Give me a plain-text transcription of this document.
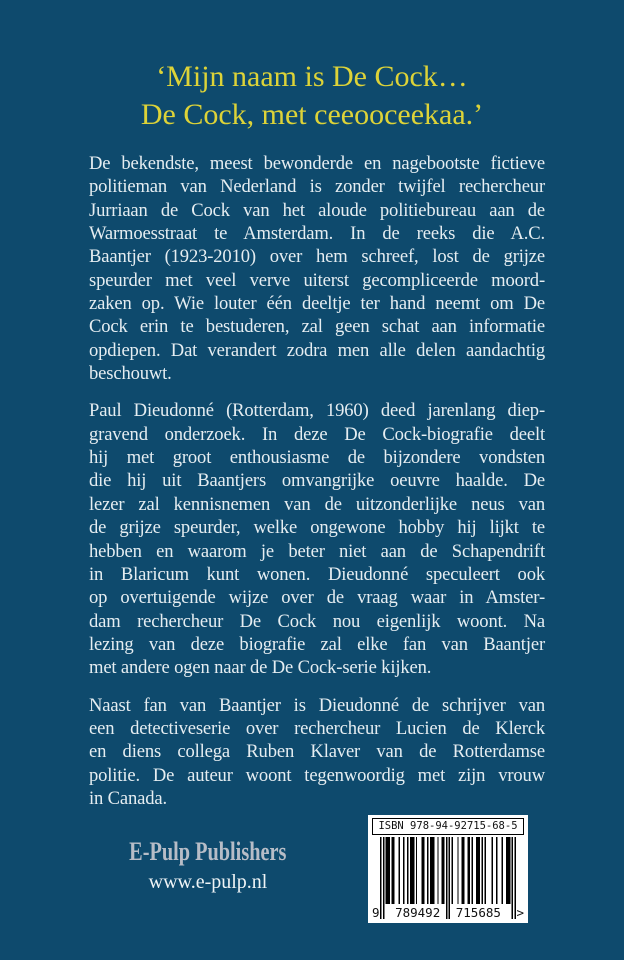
‘Mijn naam is De Cock…
De Cock, met ceeooceekaa.’
De bekendste, meest bewonderde en nagebootste fictieve
politieman van Nederland is zonder twijfel rechercheur
Jurriaan de Cock van het aloude politiebureau aan de
Warmoesstraat te Amsterdam. In de reeks die A.C.
Baantjer (1923-2010) over hem schreef, lost de grijze
speurder met veel verve uiterst gecompliceerde moord-
zaken op. Wie louter één deeltje ter hand neemt om De
Cock erin te bestuderen, zal geen schat aan informatie
opdiepen. Dat verandert zodra men alle delen aandachtig
beschouwt.
Paul Dieudonné (Rotterdam, 1960) deed jarenlang diep-
gravend onderzoek. In deze De Cock-biografie deelt
hij met groot enthousiasme de bijzondere vondsten
die hij uit Baantjers omvangrijke oeuvre haalde. De
lezer zal kennisnemen van de uitzonderlijke neus van
de grijze speurder, welke ongewone hobby hij lijkt te
hebben en waarom je beter niet aan de Schapendrift
in Blaricum kunt wonen. Dieudonné speculeert ook
op overtuigende wijze over de vraag waar in Amster-
dam rechercheur De Cock nou eigenlijk woont. Na
lezing van deze biografie zal elke fan van Baantjer
met andere ogen naar de De Cock-serie kijken.
Naast fan van Baantjer is Dieudonné de schrijver van
een detectiveserie over rechercheur Lucien de Klerck
en diens collega Ruben Klaver van de Rotterdamse
politie. De auteur woont tegenwoordig met zijn vrouw
in Canada.
E-Pulp Publishers
www.e-pulp.nl
ISBN 978-94-92715-68-5
9 789492 715685 >
